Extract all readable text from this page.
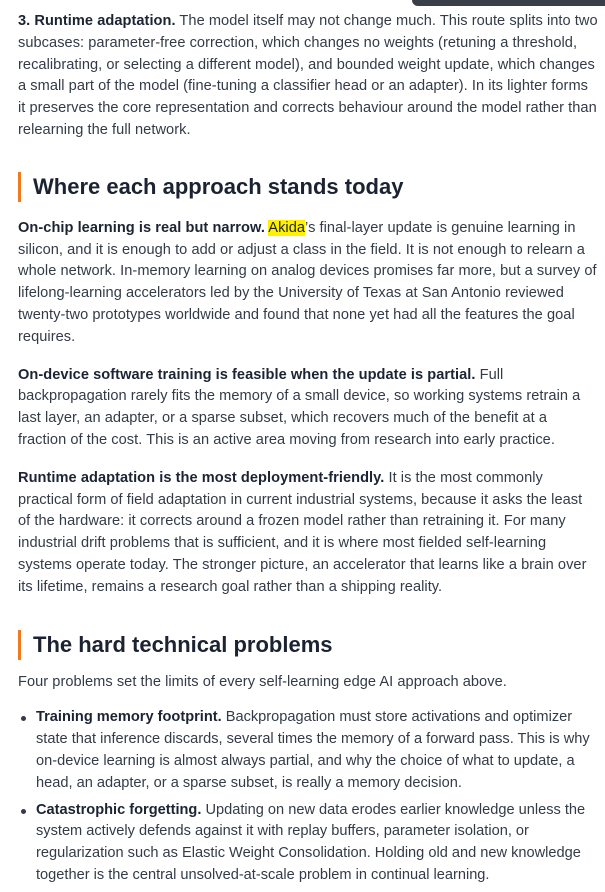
3. Runtime adaptation. The model itself may not change much. This route splits into two subcases: parameter-free correction, which changes no weights (retuning a threshold, recalibrating, or selecting a different model), and bounded weight update, which changes a small part of the model (fine-tuning a classifier head or an adapter). In its lighter forms it preserves the core representation and corrects behaviour around the model rather than relearning the full network.

Where each approach stands today

On-chip learning is real but narrow. Akida’s final-layer update is genuine learning in silicon, and it is enough to add or adjust a class in the field. It is not enough to relearn a whole network. In-memory learning on analog devices promises far more, but a survey of lifelong-learning accelerators led by the University of Texas at San Antonio reviewed twenty-two prototypes worldwide and found that none yet had all the features the goal requires.

On-device software training is feasible when the update is partial. Full backpropagation rarely fits the memory of a small device, so working systems retrain a last layer, an adapter, or a sparse subset, which recovers much of the benefit at a fraction of the cost. This is an active area moving from research into early practice.

Runtime adaptation is the most deployment-friendly. It is the most commonly practical form of field adaptation in current industrial systems, because it asks the least of the hardware: it corrects around a frozen model rather than retraining it. For many industrial drift problems that is sufficient, and it is where most fielded self-learning systems operate today. The stronger picture, an accelerator that learns like a brain over its lifetime, remains a research goal rather than a shipping reality.

The hard technical problems

Four problems set the limits of every self-learning edge AI approach above.

Training memory footprint. Backpropagation must store activations and optimizer state that inference discards, several times the memory of a forward pass. This is why on-device learning is almost always partial, and why the choice of what to update, a head, an adapter, or a sparse subset, is really a memory decision.
Catastrophic forgetting. Updating on new data erodes earlier knowledge unless the system actively defends against it with replay buffers, parameter isolation, or regularization such as Elastic Weight Consolidation. Holding old and new knowledge together is the central unsolved-at-scale problem in continual learning.
